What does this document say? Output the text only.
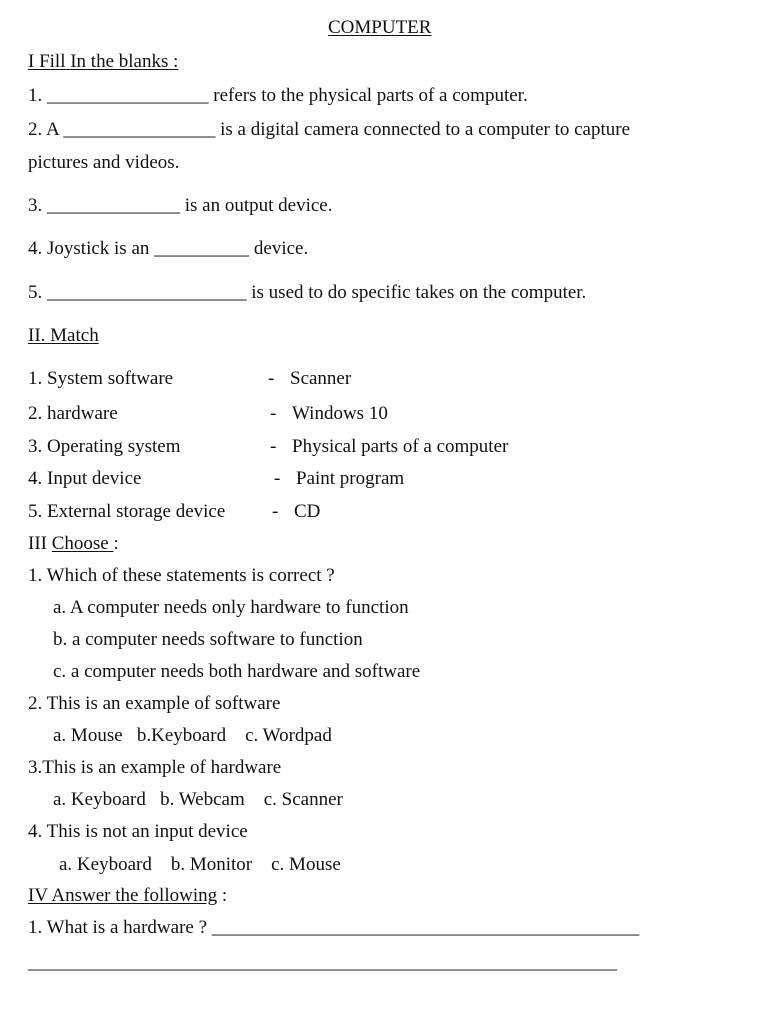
COMPUTER
I Fill In the blanks :
1. _________________ refers to the physical parts of a computer.
2. A ________________ is a digital camera connected to a computer to capture
pictures and videos.
3. ______________ is an output device.
4. Joystick is an __________ device.
5. _____________________ is used to do specific takes on the computer.
II. Match
1. System software	- Scanner
2. hardware	- Windows 10
3. Operating system	- Physical parts of a computer
4. Input device	- Paint program
5. External storage device - CD
III Choose :
1. Which of these statements is correct ?
a. A computer needs only hardware to function
b. a computer needs software to function
c. a computer needs both hardware and software
2. This is an example of software
a. Mouse   b.Keyboard    c. Wordpad
3.This is an example of hardware
a. Keyboard   b. Webcam    c. Scanner
4. This is not an input device
a. Keyboard    b. Monitor    c. Mouse
IV Answer the following :
1. What is a hardware ? _____________________________________________
______________________________________________________________
